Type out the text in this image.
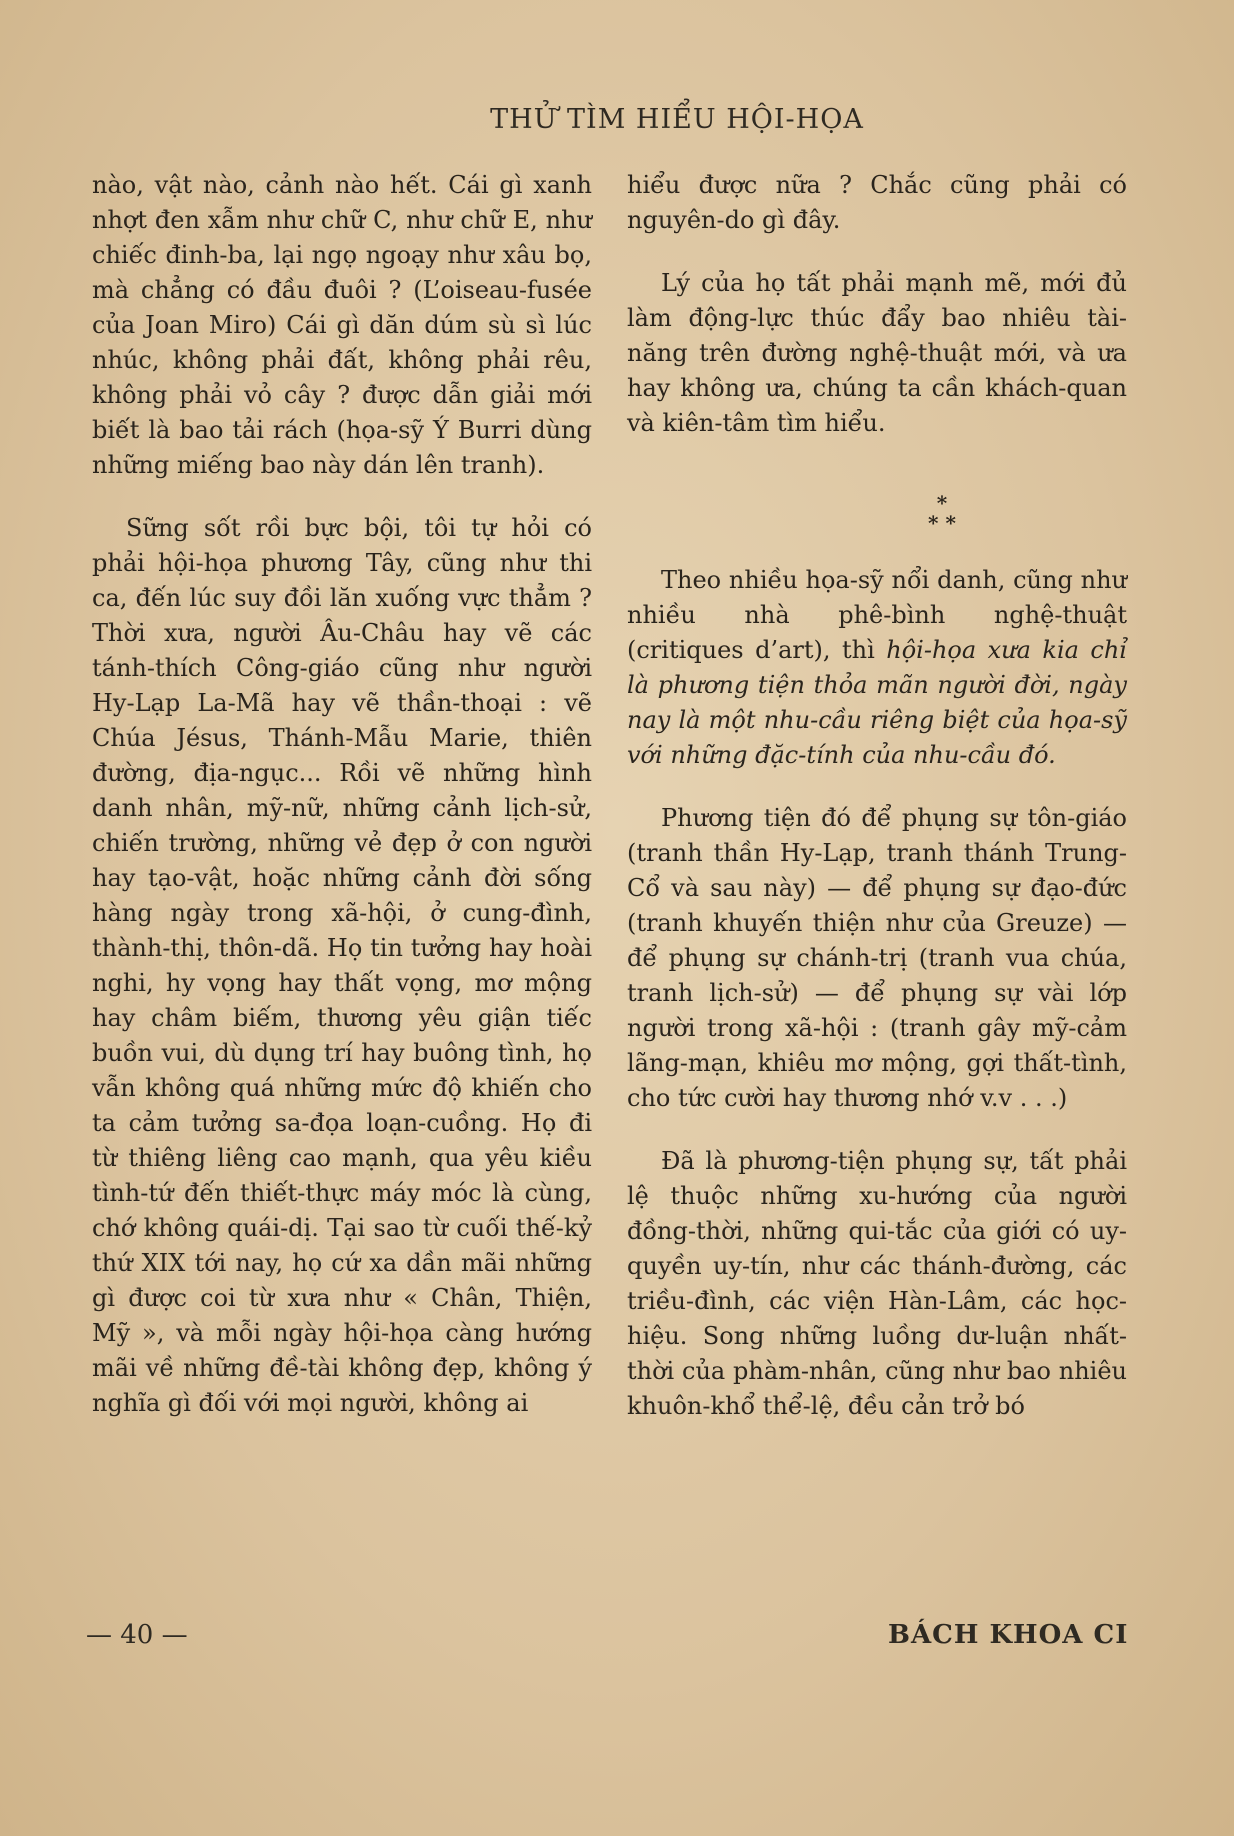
THỬ TÌM HIỂU HỘI-HỌA

nào, vật nào, cảnh nào hết. Cái gì xanh nhợt đen xẫm như chữ C, như chữ E, như chiếc đinh-ba, lại ngọ ngoạy như xâu bọ, mà chẳng có đầu đuôi ? (L’oiseau-fusée của Joan Miro) Cái gì dăn dúm sù sì lúc nhúc, không phải đất, không phải rêu, không phải vỏ cây ? được dẫn giải mới biết là bao tải rách (họa-sỹ Ý Burri dùng những miếng bao này dán lên tranh).

Sững sốt rồi bực bội, tôi tự hỏi có phải hội-họa phương Tây, cũng như thi ca, đến lúc suy đồi lăn xuống vực thẳm ? Thời xưa, người Âu-Châu hay vẽ các tánh-thích Công-giáo cũng như người Hy-Lạp La-Mã hay vẽ thần-thoại : vẽ Chúa Jésus, Thánh-Mẫu Marie, thiên đường, địa-ngục... Rồi vẽ những hình danh nhân, mỹ-nữ, những cảnh lịch-sử, chiến trường, những vẻ đẹp ở con người hay tạo-vật, hoặc những cảnh đời sống hàng ngày trong xã-hội, ở cung-đình, thành-thị, thôn-dã. Họ tin tưởng hay hoài nghi, hy vọng hay thất vọng, mơ mộng hay châm biếm, thương yêu giận tiếc buồn vui, dù dụng trí hay buông tình, họ vẫn không quá những mức độ khiến cho ta cảm tưởng sa-đọa loạn-cuồng. Họ đi từ thiêng liêng cao mạnh, qua yêu kiều tình-tứ đến thiết-thực máy móc là cùng, chớ không quái-dị. Tại sao từ cuối thế-kỷ thứ XIX tới nay, họ cứ xa dần mãi những gì được coi từ xưa như « Chân, Thiện, Mỹ », và mỗi ngày hội-họa càng hướng mãi về những đề-tài không đẹp, không ý nghĩa gì đối với mọi người, không ai

hiểu được nữa ? Chắc cũng phải có nguyên-do gì đây.

Lý của họ tất phải mạnh mẽ, mới đủ làm động-lực thúc đẩy bao nhiêu tài-năng trên đường nghệ-thuật mới, và ưa hay không ưa, chúng ta cần khách-quan và kiên-tâm tìm hiểu.

*
* *

Theo nhiều họa-sỹ nổi danh, cũng như nhiều nhà phê-bình nghệ-thuật (critiques d’art), thì hội-họa xưa kia chỉ là phương tiện thỏa mãn người đời, ngày nay là một nhu-cầu riêng biệt của họa-sỹ với những đặc-tính của nhu-cầu đó.

Phương tiện đó để phụng sự tôn-giáo (tranh thần Hy-Lạp, tranh thánh Trung-Cổ và sau này) — để phụng sự đạo-đức (tranh khuyến thiện như của Greuze) — để phụng sự chánh-trị (tranh vua chúa, tranh lịch-sử) — để phụng sự vài lớp người trong xã-hội : (tranh gây mỹ-cảm lãng-mạn, khiêu mơ mộng, gợi thất-tình, cho tức cười hay thương nhớ v.v . . .)

Đã là phương-tiện phụng sự, tất phải lệ thuộc những xu-hướng của người đồng-thời, những qui-tắc của giới có uy-quyền uy-tín, như các thánh-đường, các triều-đình, các viện Hàn-Lâm, các học-hiệu. Song những luồng dư-luận nhất-thời của phàm-nhân, cũng như bao nhiêu khuôn-khổ thể-lệ, đều cản trở bó

— 40 —	BÁCH KHOA CI
